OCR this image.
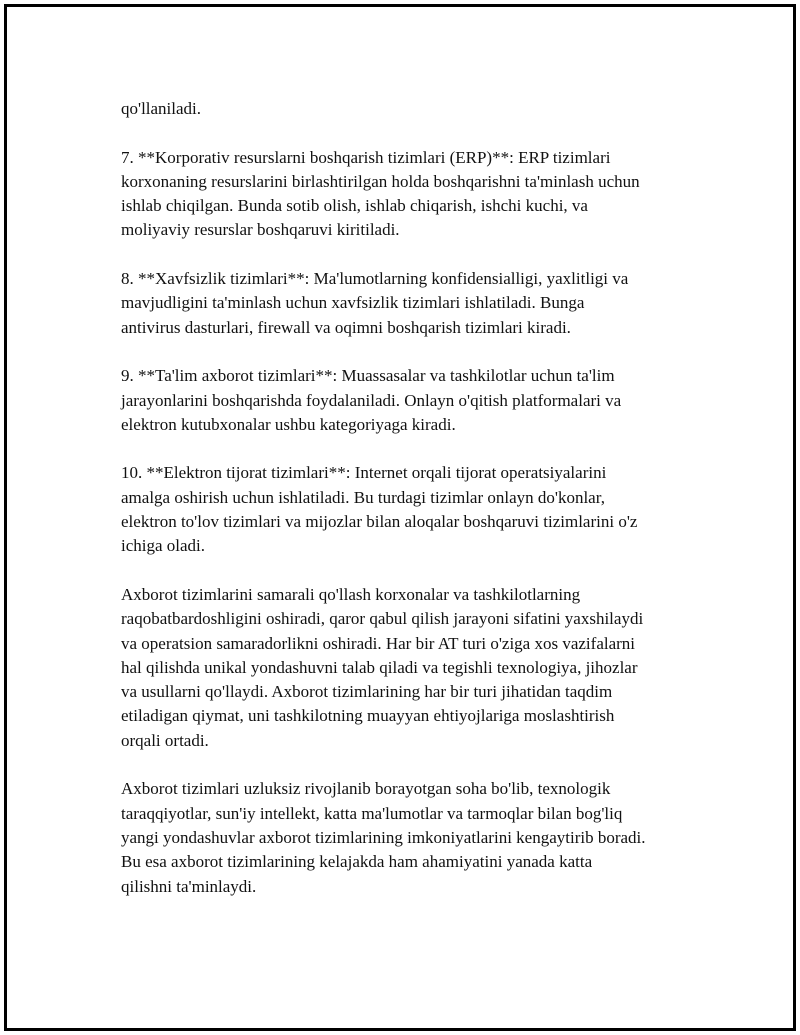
qo'llaniladi.

7. **Korporativ resurslarni boshqarish tizimlari (ERP)**: ERP tizimlari
korxonaning resurslarini birlashtirilgan holda boshqarishni ta'minlash uchun
ishlab chiqilgan. Bunda sotib olish, ishlab chiqarish, ishchi kuchi, va
moliyaviy resurslar boshqaruvi kiritiladi.

8. **Xavfsizlik tizimlari**: Ma'lumotlarning konfidensialligi, yaxlitligi va
mavjudligini ta'minlash uchun xavfsizlik tizimlari ishlatiladi. Bunga
antivirus dasturlari, firewall va oqimni boshqarish tizimlari kiradi.

9. **Ta'lim axborot tizimlari**: Muassasalar va tashkilotlar uchun ta'lim
jarayonlarini boshqarishda foydalaniladi. Onlayn o'qitish platformalari va
elektron kutubxonalar ushbu kategoriyaga kiradi.

10. **Elektron tijorat tizimlari**: Internet orqali tijorat operatsiyalarini
amalga oshirish uchun ishlatiladi. Bu turdagi tizimlar onlayn do'konlar,
elektron to'lov tizimlari va mijozlar bilan aloqalar boshqaruvi tizimlarini o'z
ichiga oladi.

Axborot tizimlarini samarali qo'llash korxonalar va tashkilotlarning
raqobatbardoshligini oshiradi, qaror qabul qilish jarayoni sifatini yaxshilaydi
va operatsion samaradorlikni oshiradi. Har bir AT turi o'ziga xos vazifalarni
hal qilishda unikal yondashuvni talab qiladi va tegishli texnologiya, jihozlar
va usullarni qo'llaydi. Axborot tizimlarining har bir turi jihatidan taqdim
etiladigan qiymat, uni tashkilotning muayyan ehtiyojlariga moslashtirish
orqali ortadi.

Axborot tizimlari uzluksiz rivojlanib borayotgan soha bo'lib, texnologik
taraqqiyotlar, sun'iy intellekt, katta ma'lumotlar va tarmoqlar bilan bog'liq
yangi yondashuvlar axborot tizimlarining imkoniyatlarini kengaytirib boradi.
Bu esa axborot tizimlarining kelajakda ham ahamiyatini yanada katta
qilishni ta'minlaydi.
